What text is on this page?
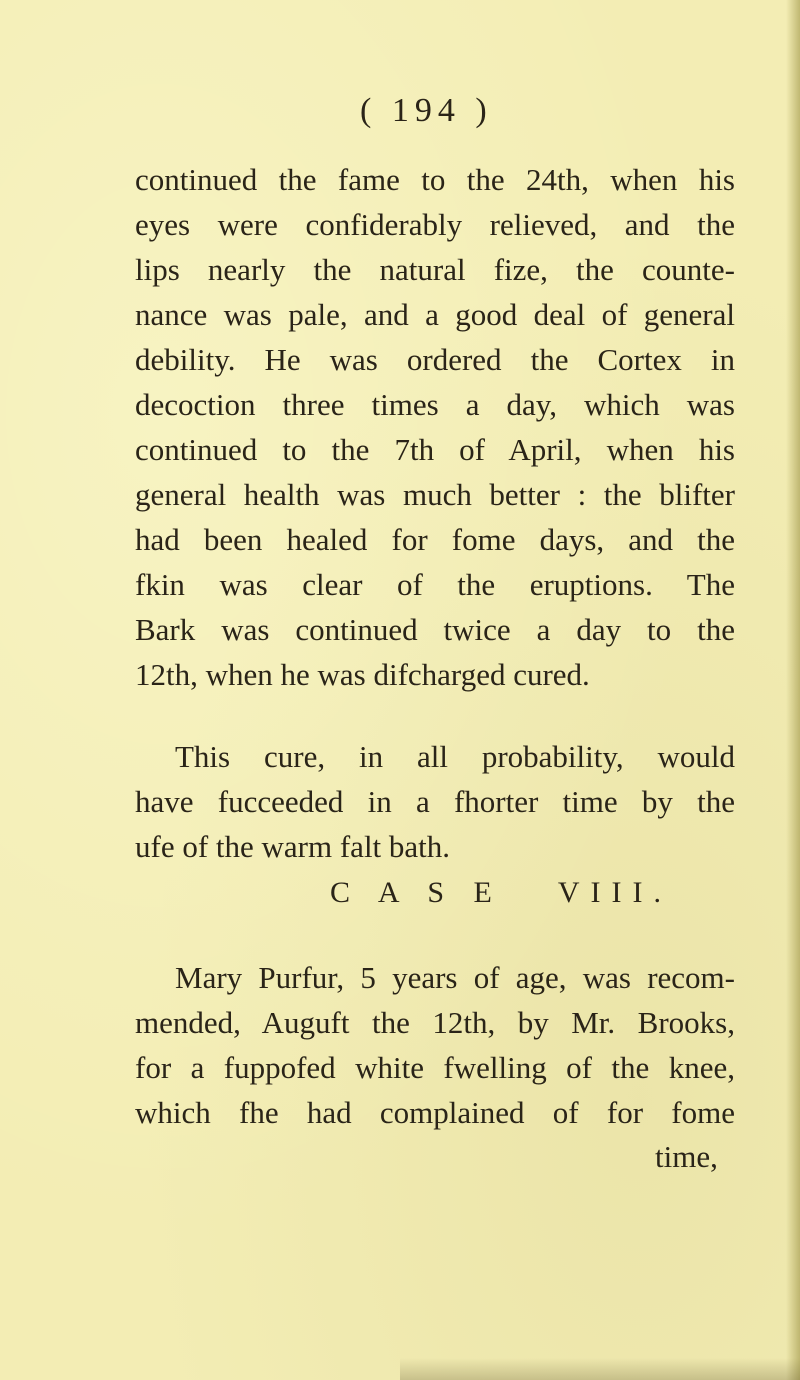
( 194 )
continued the fame to the 24th, when his
eyes were confiderably relieved, and the
lips nearly the natural fize, the counte-
nance was pale, and a good deal of general
debility. He was ordered the Cortex in
decoction three times a day, which was
continued to the 7th of April, when his
general health was much better : the blifter
had been healed for fome days, and the
fkin was clear of the eruptions. The
Bark was continued twice a day to the
12th, when he was difcharged cured.
This cure, in all probability, would
have fucceeded in a fhorter time by the
ufe of the warm falt bath.
C A S E   VIII.
Mary Purfur, 5 years of age, was recom-
mended, Auguft the 12th, by Mr. Brooks,
for a fuppofed white fwelling of the knee,
which fhe had complained of for fome
time,
